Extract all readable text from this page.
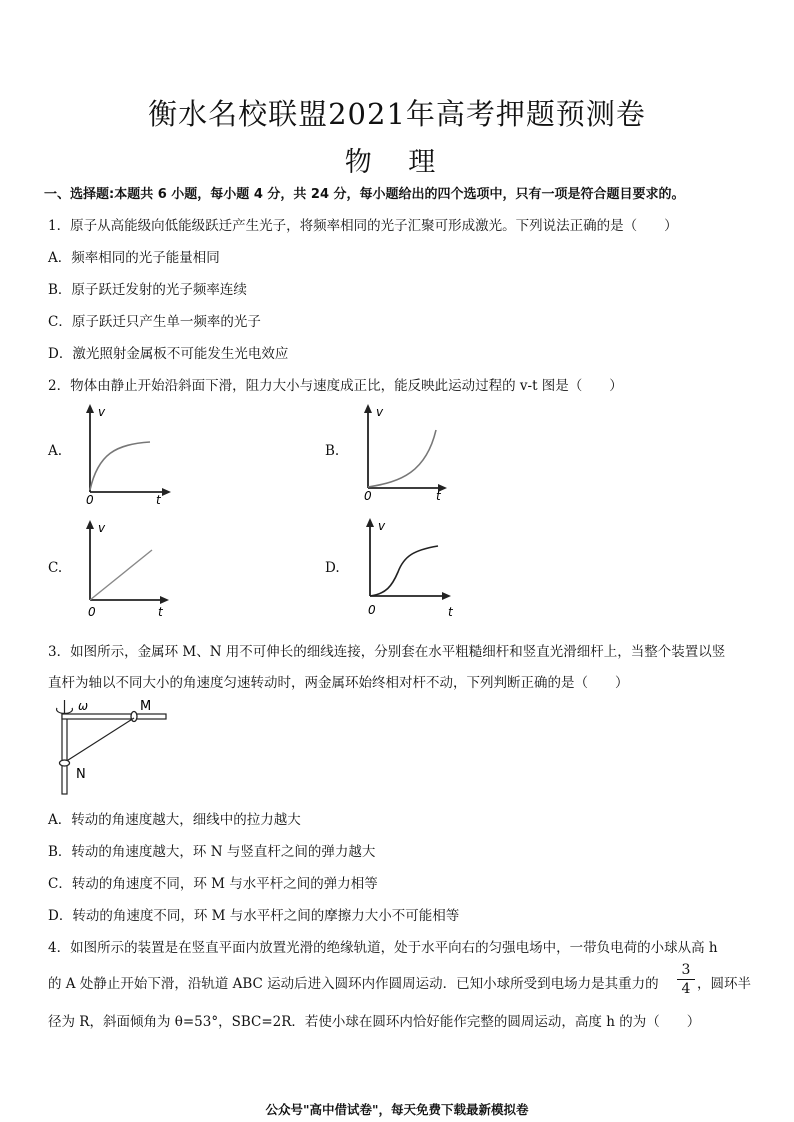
衡水名校联盟2021年高考押题预测卷
物 理
一、选择题:本题共 6 小题，每小题 4 分，共 24 分，每小题给出的四个选项中，只有一项是符合题目要求的。
1．原子从高能级向低能级跃迁产生光子，将频率相同的光子汇聚可形成激光。下列说法正确的是（　　）
A．频率相同的光子能量相同
B．原子跃迁发射的光子频率连续
C．原子跃迁只产生单一频率的光子
D．激光照射金属板不可能发生光电效应
2．物体由静止开始沿斜面下滑，阻力大小与速度成正比，能反映此运动过程的 v-t 图是（　　）
A.
v
0	t
B.
v
0	t
C.
v
0	t
D.
v
0	t
3．如图所示，金属环 M、N 用不可伸长的细线连接，分别套在水平粗糙细杆和竖直光滑细杆上，当整个装置以竖
直杆为轴以不同大小的角速度匀速转动时，两金属环始终相对杆不动，下列判断正确的是（　　）
ω	M
N
A．转动的角速度越大，细线中的拉力越大
B．转动的角速度越大，环 N 与竖直杆之间的弹力越大
C．转动的角速度不同，环 M 与水平杆之间的弹力相等
D．转动的角速度不同，环 M 与水平杆之间的摩擦力大小不可能相等
4．如图所示的装置是在竖直平面内放置光滑的绝缘轨道，处于水平向右的匀强电场中，一带负电荷的小球从高 h
的 A 处静止开始下滑，沿轨道 ABC 运动后进入圆环内作圆周运动．已知小球所受到电场力是其重力的
3
4 ，圆环半
径为 R，斜面倾角为 θ=53°，SBC=2R．若使小球在圆环内恰好能作完整的圆周运动，高度 h 的为（　　）
公众号"高中借试卷"，每天免费下载最新模拟卷
